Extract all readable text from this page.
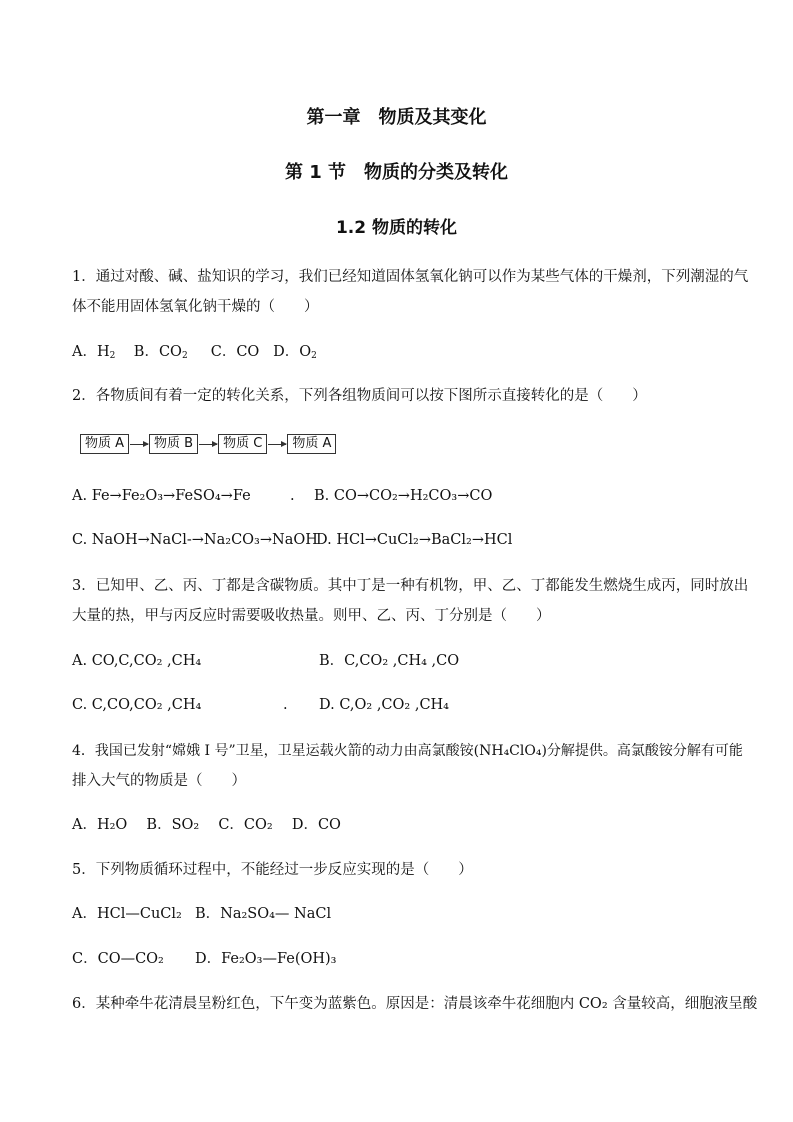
第一章　物质及其变化
第 1 节　物质的分类及转化
1.2 物质的转化
1．通过对酸、碱、盐知识的学习，我们已经知道固体氢氧化钠可以作为某些气体的干燥剂，下列潮湿的气
体不能用固体氢氧化钠干燥的（　　）
A．$H_2$ B．$CO_2$ C．CO D．$O_2$
2．各物质间有着一定的转化关系，下列各组物质间可以按下图所示直接转化的是（　　）
物质 A	物质 B	物质 C	物质 A
A. Fe→Fe₂O₃→FeSO₄→Fe	. B. CO→CO₂→H₂CO₃→CO
C. NaOH→NaCl-→Na₂CO₃→NaOH
D. HCl→CuCl₂→BaCl₂→HCl
3．已知甲、乙、丙、丁都是含碳物质。其中丁是一种有机物，甲、乙、丁都能发生燃烧生成丙，同时放出
大量的热，甲与丙反应时需要吸收热量。则甲、乙、丙、丁分别是（　　）
A. CO,C,CO₂ ,CH₄	B．C,CO₂ ,CH₄ ,CO
C. C,CO,CO₂ ,CH₄	. D. C,O₂ ,CO₂ ,CH₄
4．我国已发射“嫦娥 I 号”卫星，卫星运载火箭的动力由高氯酸铵(NH₄ClO₄)分解提供。高氯酸铵分解有可能
排入大气的物质是（　　）
A．H₂O　 B．SO₂　 C．CO₂　 D．CO
5．下列物质循环过程中，不能经过一步反应实现的是（　　）
A．HCl—CuCl₂ B．Na₂SO₄— NaCl
C．CO—CO₂ D．Fe₂O₃—Fe(OH)₃
6．某种牵牛花清晨呈粉红色，下午变为蓝紫色。原因是：清晨该牵牛花细胞内 CO₂ 含量较高，细胞液呈酸
